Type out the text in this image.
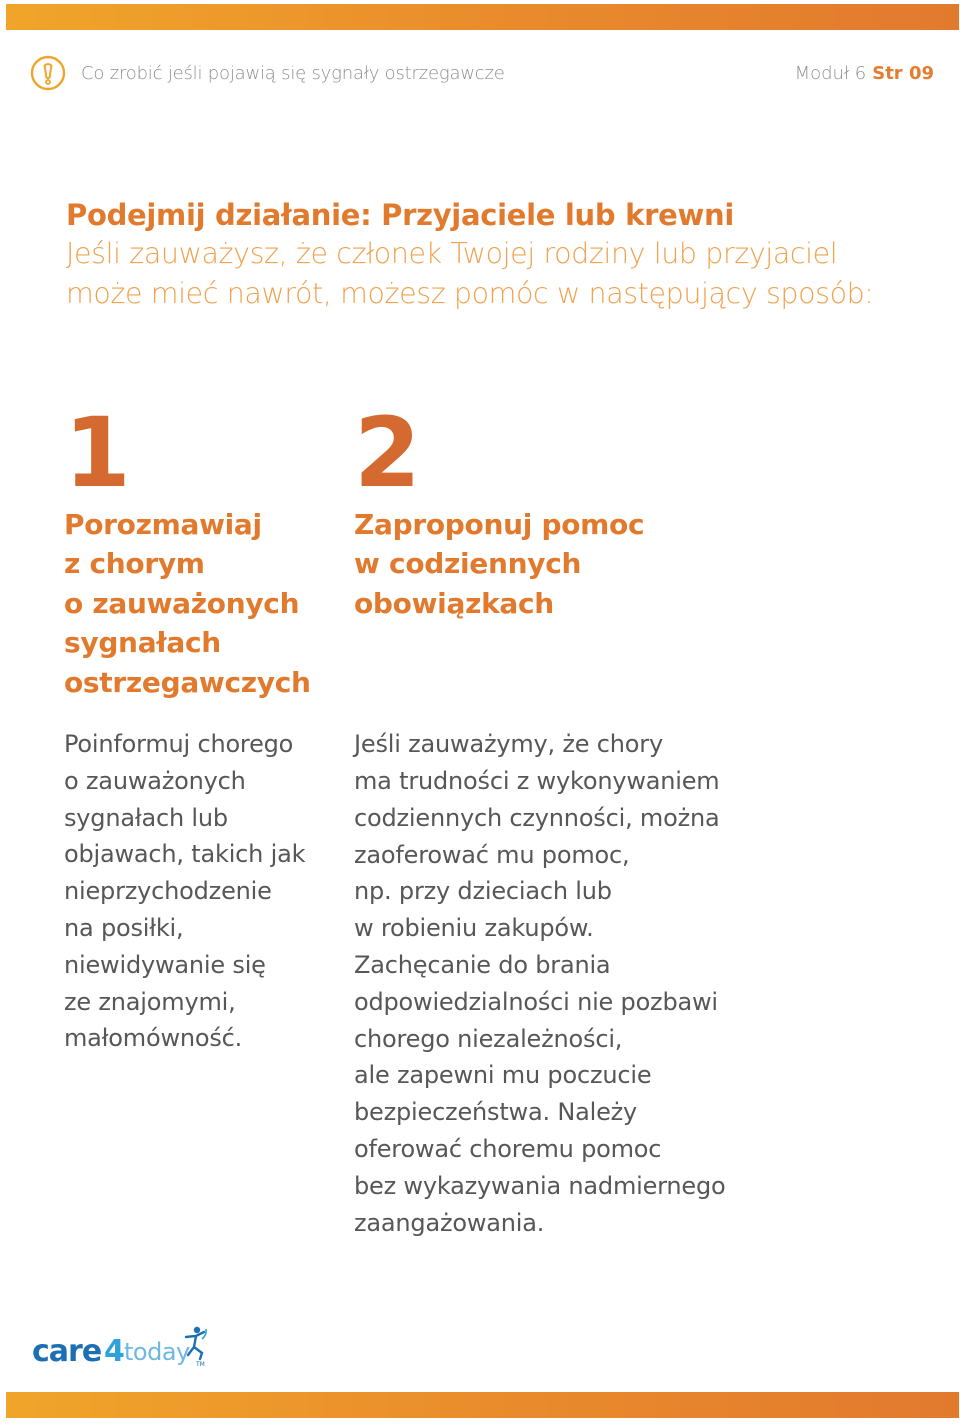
Co zrobić jeśli pojawią się sygnały ostrzegawcze	Moduł 6 Str 09
Podejmij działanie: Przyjaciele lub krewni
Jeśli zauważysz, że członek Twojej rodziny lub przyjaciel
może mieć nawrót, możesz pomóc w następujący sposób:
1
Porozmawiaj
z chorym
o zauważonych
sygnałach
ostrzegawczych
Poinformuj chorego
o zauważonych
sygnałach lub
objawach, takich jak
nieprzychodzenie
na posiłki,
niewidywanie się
ze znajomymi,
małomówność.
2
Zaproponuj pomoc
w codziennych
obowiązkach
Jeśli zauważymy, że chory
ma trudności z wykonywaniem
codziennych czynności, można
zaoferować mu pomoc,
np. przy dzieciach lub
w robieniu zakupów.
Zachęcanie do brania
odpowiedzialności nie pozbawi
chorego niezależności,
ale zapewni mu poczucie
bezpieczeństwa. Należy
oferować choremu pomoc
bez wykazywania nadmiernego
zaangażowania.
care 4 today TM
